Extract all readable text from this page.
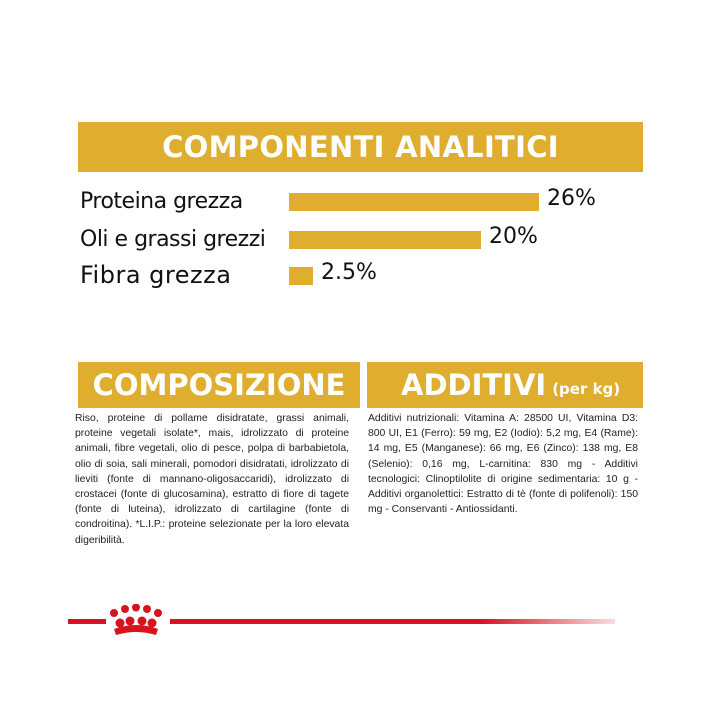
COMPONENTI ANALITICI
Proteina grezza	26%
Oli e grassi grezzi	20%
Fibra grezza	2.5%
COMPOSIZIONE
Riso, proteine di pollame disidratate, grassi animali, proteine vegetali isolate*, mais, idrolizzato di proteine animali, fibre vegetali, olio di pesce, polpa di barbabietola, olio di soia, sali minerali, pomodori disidratati, idrolizzato di lieviti (fonte di mannano-oligosaccaridi), idrolizzato di crostacei (fonte di glucosamina), estratto di fiore di tagete (fonte di luteina), idrolizzato di cartilagine (fonte di condroitina). *L.I.P.: proteine selezionate per la loro elevata digeribilità.
ADDITIVI (per kg)
Additivi nutrizionali: Vitamina A: 28500 UI, Vitamina D3: 800 UI, E1 (Ferro): 59 mg, E2 (Iodio): 5,2 mg, E4 (Rame): 14 mg, E5 (Manganese): 66 mg, E6 (Zinco): 138 mg, E8 (Selenio): 0,16 mg, L-carnitina: 830 mg - Additivi tecnologici: Clinoptilolite di origine sedimentaria: 10 g - Additivi organolettici: Estratto di tè (fonte di polifenoli): 150 mg - Conservanti - Antiossidanti.
